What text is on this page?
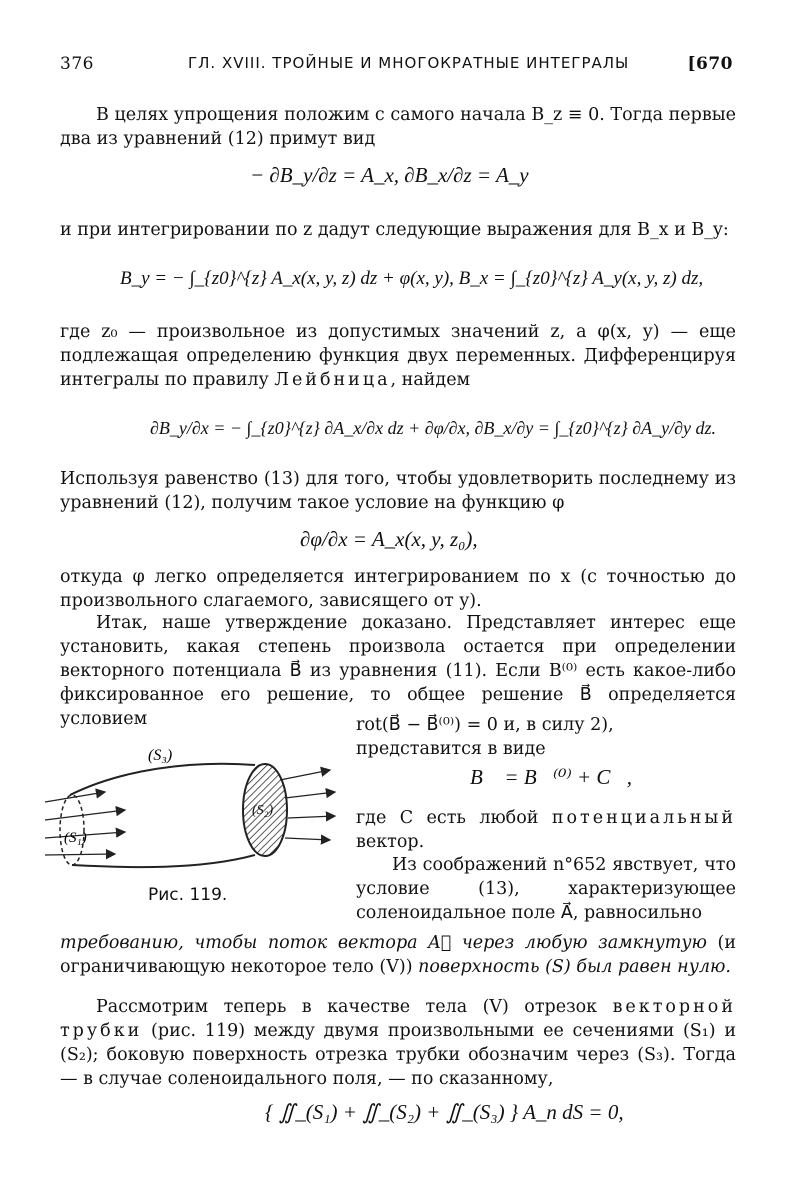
376	ГЛ. XVIII. ТРОЙНЫЕ И МНОГОКРАТНЫЕ ИНТЕГРАЛЫ	[670

В целях упрощения положим с самого начала B_z ≡ 0. Тогда первые два из уравнений (12) примут вид

− ∂B_y/∂z = A_x, ∂B_x/∂z = A_y

и при интегрировании по z дадут следующие выражения для B_x и B_y:

B_y = − ∫_{z0}^{z} A_x(x, y, z) dz + φ(x, y), B_x = ∫_{z0}^{z} A_y(x, y, z) dz,

где z₀ — произвольное из допустимых значений z, а φ(x, y) — еще подлежащая определению функция двух переменных. Дифференцируя интегралы по правилу Лейбница, найдем

∂B_y/∂x = − ∫_{z0}^{z} ∂A_x/∂x dz + ∂φ/∂x, ∂B_x/∂y = ∫_{z0}^{z} ∂A_y/∂y dz.

Используя равенство (13) для того, чтобы удовлетворить последнему из уравнений (12), получим такое условие на функцию φ

∂φ/∂x = A_x(x, y, z₀),

откуда φ легко определяется интегрированием по x (с точностью до произвольного слагаемого, зависящего от y).

Итак, наше утверждение доказано. Представляет интерес еще установить, какая степень произвола остается при определении векторного потенциала B⃗ из уравнения (11). Если B⁽⁰⁾ есть какое-либо фиксированное его решение, то общее решение B⃗ определяется условием

(S₃)
(S₁)
(S₂)
Рис. 119.

rot(B⃗ − B⃗⁽⁰⁾) = 0 и, в силу 2), представится в виде

B⃗ = B⃗⁽⁰⁾ + C⃗,

где C есть любой потенциальный вектор.

Из соображений n°652 явствует, что условие (13), характеризующее соленоидальное поле A⃗, равносильно

требованию, чтобы поток вектора A⃗ через любую замкнутую (и ограничивающую некоторое тело (V)) поверхность (S) был равен нулю.

Рассмотрим теперь в качестве тела (V) отрезок векторной трубки (рис. 119) между двумя произвольными ее сечениями (S₁) и (S₂); боковую поверхность отрезка трубки обозначим через (S₃). Тогда — в случае соленоидального поля, — по сказанному,

{ ∬_(S₁) + ∬_(S₂) + ∬_(S₃) } A_n dS = 0,
